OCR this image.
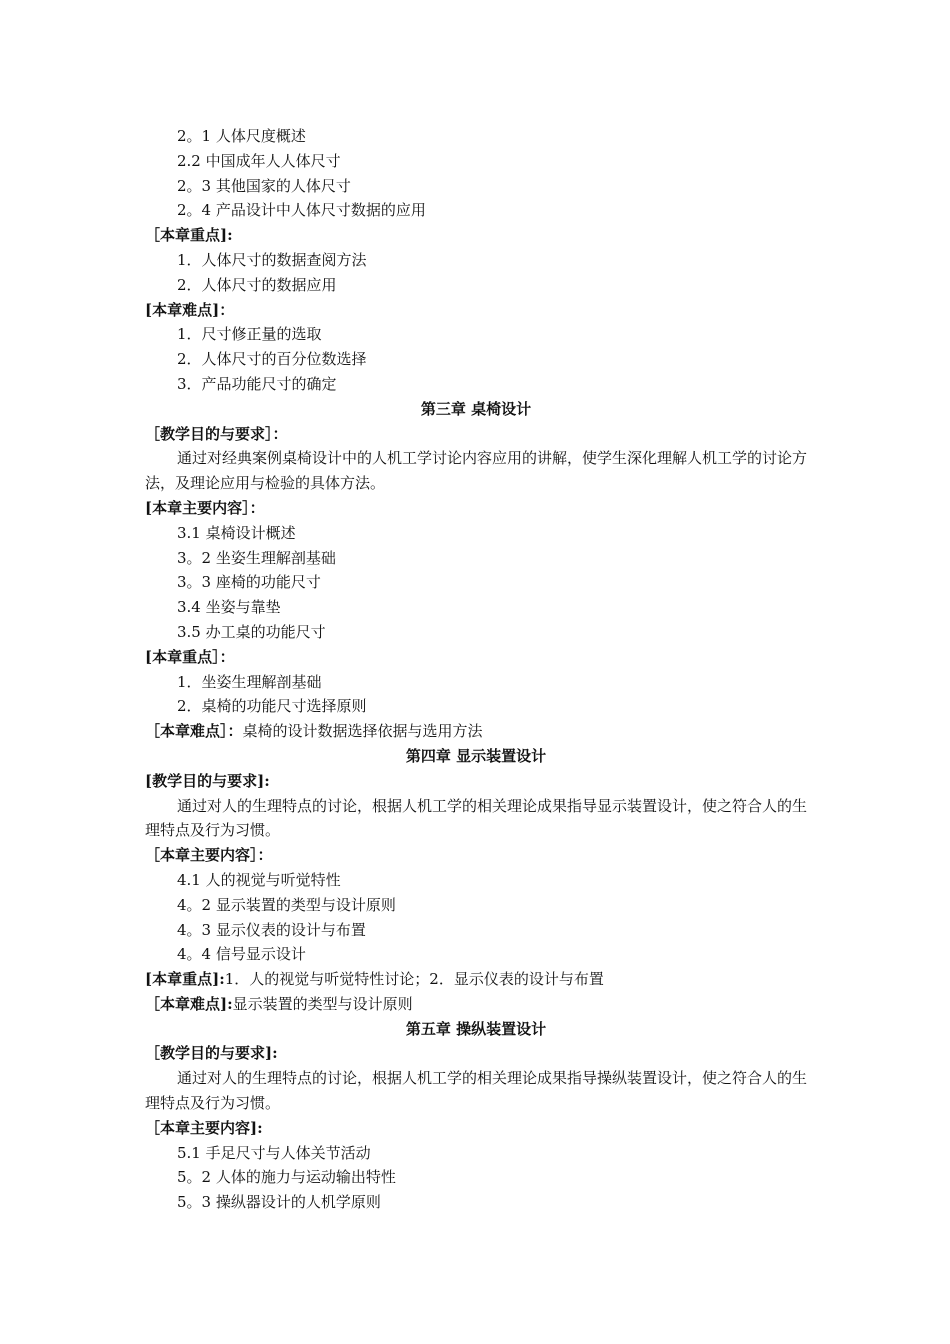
2。1 人体尺度概述
2.2 中国成年人人体尺寸
2。3 其他国家的人体尺寸
2。4 产品设计中人体尺寸数据的应用
［本章重点]:
1．人体尺寸的数据查阅方法
2．人体尺寸的数据应用
[本章难点]：
1．尺寸修正量的选取
2．人体尺寸的百分位数选择
3．产品功能尺寸的确定
第三章 桌椅设计
［教学目的与要求］：
通过对经典案例桌椅设计中的人机工学讨论内容应用的讲解，使学生深化理解人机工学的讨论方法，及理论应用与检验的具体方法。
[本章主要内容］：
3.1 桌椅设计概述
3。2 坐姿生理解剖基础
3。3 座椅的功能尺寸
3.4 坐姿与靠垫
3.5 办工桌的功能尺寸
[本章重点］：
1．坐姿生理解剖基础
2．桌椅的功能尺寸选择原则
［本章难点］：桌椅的设计数据选择依据与选用方法
第四章 显示装置设计
[教学目的与要求]:
通过对人的生理特点的讨论，根据人机工学的相关理论成果指导显示装置设计，使之符合人的生理特点及行为习惯。
［本章主要内容］：
4.1 人的视觉与听觉特性
4。2 显示装置的类型与设计原则
4。3 显示仪表的设计与布置
4。4 信号显示设计
[本章重点]:1．人的视觉与听觉特性讨论；2．显示仪表的设计与布置
［本章难点]:显示装置的类型与设计原则
第五章 操纵装置设计
［教学目的与要求]:
通过对人的生理特点的讨论，根据人机工学的相关理论成果指导操纵装置设计，使之符合人的生理特点及行为习惯。
［本章主要内容]:
5.1 手足尺寸与人体关节活动
5。2 人体的施力与运动输出特性
5。3 操纵器设计的人机学原则
